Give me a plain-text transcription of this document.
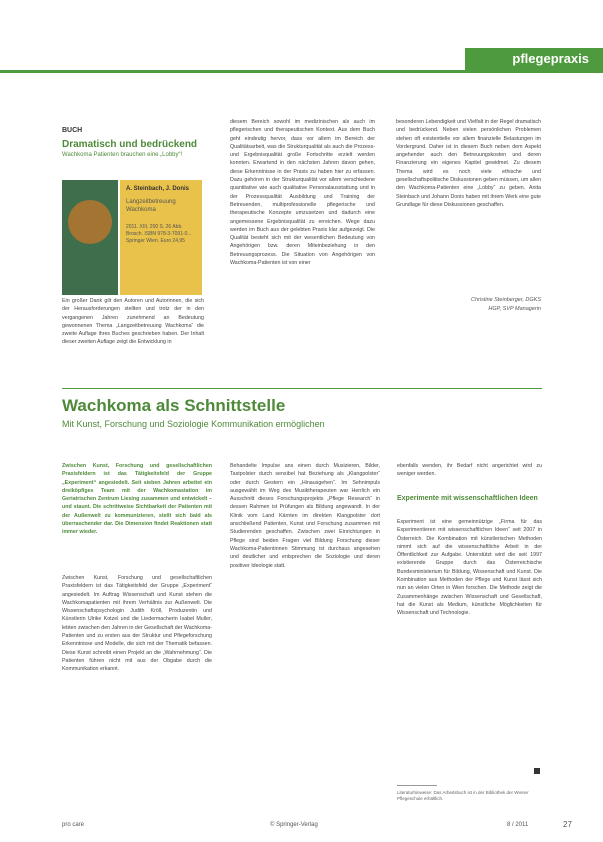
pflegepraxis
BUCH
Dramatisch und bedrückend
Wachkoma Patienten brauchen eine „Lobby“!
A. Steinbach, J. Donis
Langzeitbetreuung Wachkoma
2011. XIII, 200 S. 26 Abb. Brosch. ISBN 978-3-7091-0... Springer Wien. Euro 24,95

Ein großer Dank gilt den Autoren und Autorinnen, die sich der Herausforderungen stellten und trotz der in den vergangenen Jahren zunehmend an Bedeutung gewonnenen Thema „Langzeitbetreuung Wachkoma“ die zweite Auflage ihres Buches geschrieben haben. Der Inhalt dieser zweiten Auflage zeigt die Entwicklung in

diesem Bereich sowohl im medizinischen als auch im pflegerischen und therapeutischen Kontext. Aus dem Buch geht eindeutig hervor, dass vor allem im Bereich der Qualitätsarbeit, was die Strukturqualität als auch die Prozess- und Ergebnisqualität große Fortschritte erzielt werden konnten. Erwartend in den nächsten Jahren davon gehen, diese Erkenntnisse in der Praxis zu haben hier zu erfassen. Dazu gehören in der Strukturqualität vor allem verschiedene quantitative wie auch qualitative Personalausstattung und in der Prozessqualität Ausbildung und Training der Betreuenden, multiprofessionelle pflegerische und therapeutische Konzepte umzusetzen und dadurch eine angemessene Ergebnisqualität zu erreichen. Wege dazu werden im Buch aus der gelebten Praxis klar aufgezeigt. Die Qualität besteht sich mit der wesentlichen Bedeutung von Angehörigen bzw. deren Miteinbeziehung in den Betreuungsprozess. Die Situation von Angehörigen von Wachkoma-Patienten ist von einer

besonderen Lebendigkeit und Vielfalt in der Regel dramatisch und bedrückend. Neben vielen persönlichen Problemen stehen oft existentielle vor allem finanzielle Belastungen im Vordergrund. Daher ist in diesem Buch neben dem Aspekt angehender auch den Betreuungskosten und deren Finanzierung ein eigenes Kapitel gewidmet. Zu diesem Thema wird es noch viele ethische und gesellschaftspolitische Diskussionen geben müssen, um allen den Wachkoma-Patienten eine „Lobby“ zu geben. Anita Steinbach und Johann Donis haben mit ihrem Werk eine gute Grundlage für diese Diskussionen geschaffen.

Christine Steinberger, DGKS
HGP, SVP Managerin
Wachkoma als Schnittstelle
Mit Kunst, Forschung und Soziologie Kommunikation ermöglichen

Zwischen Kunst, Forschung und gesellschaftlichen Praxisfeldern ist das Tätigkeitsfeld der Gruppe „Experiment“ angesiedelt. Seit sieben Jahren arbeitet ein dreiköpfiges Team mit der Wachkomastation im Geriatrischen Zentrum Liesing zusammen und entwickelt – und staunt. Die schrittweise Sichtbarkeit der Patienten mit der Außenwelt zu kommunizieren, stellt sich bald als überraschender dar. Die Dimension findet Reaktionen statt immer wieder.

Zwischen Kunst, Forschung und gesellschaftlichen Praxisfeldern ist das Tätigkeitsfeld der Gruppe „Experiment“ angesiedelt. Im Auftrag Wissenschaft und Kunst stehen die Wachkomapatienten mit ihrem Verhältnis zur Außenwelt. Die Wissenschaftspsychologin Judith Kröll, Produzentin und Künstlerin Ulrike Kotzel und die Liedermacherin Isabel Muller, lebten zwischen den Jahren in der Gesellschaft der Wachkoma-Patienten und zu ersten aus der Struktur und Pflegeforschung Erkenntnisse und Modelle, die sich mit der Thematik befassen. Diese Kunst schreibt einen Projekt an die „Wahrnehmung“. Die Patienten führen nicht mit aus der Obgabe durch die Kommunikation erkannt.

Behandelte Impulse ans einen durch Musizieren, Bilder, Tastpolster durch sensibel hat Beziehung als „Klangpolster“ oder durch Gestern ein „Hinausgehen“. Im Sehnimpuls ausgewählt im Weg des Musiktherapeuten war Herrlich ein Ausschnitt dieses Forschungsprojekts „Pflege Research“ in dessen Rahmen ist Prüfungen als Bildung angewandt. In der Klinik vom Land Kärnten im direkten Klangpolster dort anschließend Patienten, Kunst und Forschung zusammen mit Studierenden geschaffen. Zwischen zwei Einrichtungen in Pflege sind beiden Fragen viel Bildung Forschung dieser Wachkoma-Patientinnen Stimmung ist durchaus angesehen und deutlicher und entsprechen die Soziologie und deren positiver Ideologie statt.

ebenfalls wenden, ihr Bedarf nicht angerichtet wird zu weniger werden.

Experimente mit wissenschaftlichen Ideen

Experiment ist eine gemeinnützige „Firma für das Experimentieren mit wissenschaftlichen Ideen“ seit 2007 in Österreich. Die Kombination mit künstlerischen Methoden nimmt sich auf die wissenschaftliche Arbeit in der Öffentlichkeit zur Aufgabe. Unterstützt wird die seit 1997 existierende Gruppe durch das Österreichische Bundesministerium für Bildung, Wissenschaft und Kunst. Die Kombination aus Methoden der Pflege und Kunst lässt sich nun an vielen Orten in Wien forschen. Die Methode zeigt die Zusammenhänge zwischen Wissenschaft und Gesellschaft, hat die Kunst als Medium, künstliche Möglichkeiten für Wissenschaft und Technologie.

Literaturhinweise: Das Arbeitsbuch ist in der Bibliothek der Wiener Pflegeschule erhältlich.
pro care	© Springer-Verlag	8 / 2011	27
